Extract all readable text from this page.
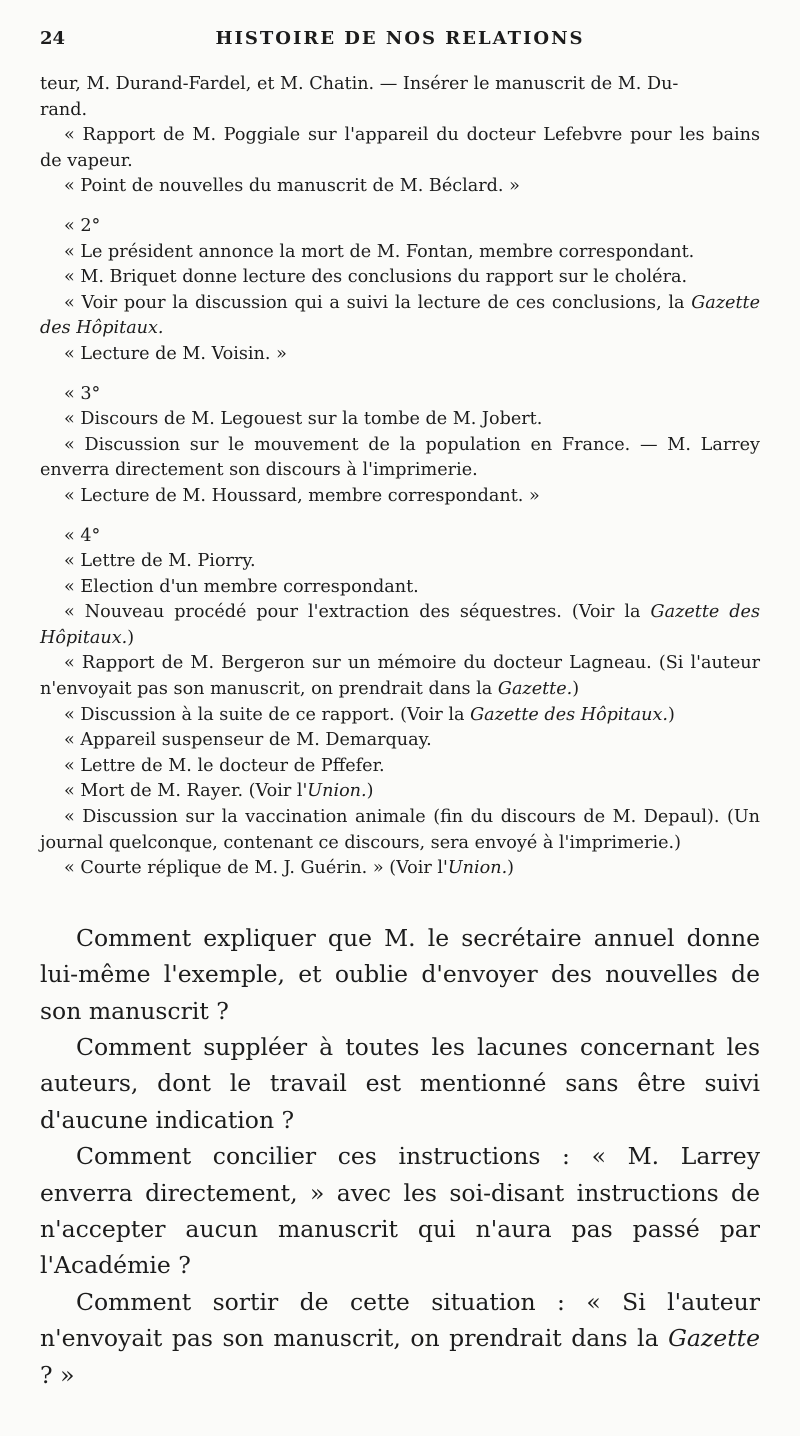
24	HISTOIRE DE NOS RELATIONS

teur, M. Durand-Fardel, et M. Chatin. — Insérer le manuscrit de M. Du-

rand.

« Rapport de M. Poggiale sur l'appareil du docteur Lefebvre pour les bains de vapeur.

« Point de nouvelles du manuscrit de M. Béclard. »

« 2°

« Le président annonce la mort de M. Fontan, membre correspondant.

« M. Briquet donne lecture des conclusions du rapport sur le choléra.

« Voir pour la discussion qui a suivi la lecture de ces conclusions, la Gazette des Hôpitaux.

« Lecture de M. Voisin. »

« 3°

« Discours de M. Legouest sur la tombe de M. Jobert.

« Discussion sur le mouvement de la population en France. — M. Larrey enverra directement son discours à l'imprimerie.

« Lecture de M. Houssard, membre correspondant. »

« 4°

« Lettre de M. Piorry.

« Election d'un membre correspondant.

« Nouveau procédé pour l'extraction des séquestres. (Voir la Gazette des Hôpitaux.)

« Rapport de M. Bergeron sur un mémoire du docteur Lagneau. (Si l'auteur n'envoyait pas son manuscrit, on prendrait dans la Gazette.)

« Discussion à la suite de ce rapport. (Voir la Gazette des Hôpitaux.)

« Appareil suspenseur de M. Demarquay.

« Lettre de M. le docteur de Pffefer.

« Mort de M. Rayer. (Voir l'Union.)

« Discussion sur la vaccination animale (fin du discours de M. Depaul). (Un journal quelconque, contenant ce discours, sera envoyé à l'imprimerie.)

« Courte réplique de M. J. Guérin. » (Voir l'Union.)

Comment expliquer que M. le secrétaire annuel donne lui-même l'exemple, et oublie d'envoyer des nouvelles de son manuscrit ?

Comment suppléer à toutes les lacunes concernant les auteurs, dont le travail est mentionné sans être suivi d'aucune indication ?

Comment concilier ces instructions : « M. Larrey enverra directement, » avec les soi-disant instructions de n'accepter aucun manuscrit qui n'aura pas passé par l'Académie ?

Comment sortir de cette situation : « Si l'auteur n'envoyait pas son manuscrit, on prendrait dans la Gazette ? »
